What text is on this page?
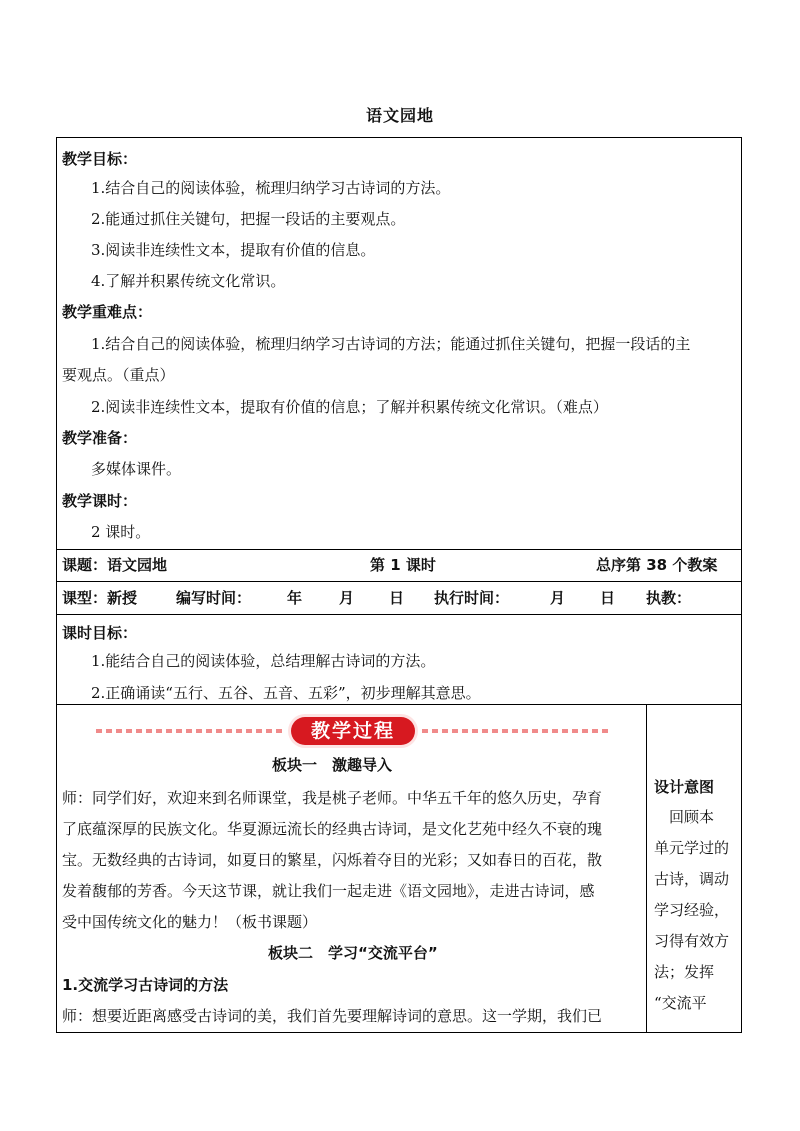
语文园地
教学目标：
1.结合自己的阅读体验，梳理归纳学习古诗词的方法。
2.能通过抓住关键句，把握一段话的主要观点。
3.阅读非连续性文本，提取有价值的信息。
4.了解并积累传统文化常识。
教学重难点：
1.结合自己的阅读体验，梳理归纳学习古诗词的方法；能通过抓住关键句，把握一段话的主
要观点。（重点）
2.阅读非连续性文本，提取有价值的信息；了解并积累传统文化常识。（难点）
教学准备：
多媒体课件。
教学课时：
2 课时。
课题：语文园地	第 1 课时	总序第 38 个教案
课型：新授	编写时间： 年 月 日 执行时间：	月 日 执教：
课时目标：
1.能结合自己的阅读体验，总结理解古诗词的方法。
2.正确诵读“五行、五谷、五音、五彩”，初步理解其意思。
教学过程
板块一　激趣导入
师：同学们好，欢迎来到名师课堂，我是桃子老师。中华五千年的悠久历史，孕育
了底蕴深厚的民族文化。华夏源远流长的经典古诗词，是文化艺苑中经久不衰的瑰
宝。无数经典的古诗词，如夏日的繁星，闪烁着夺目的光彩；又如春日的百花，散
发着馥郁的芳香。今天这节课，就让我们一起走进《语文园地》，走进古诗词，感
受中国传统文化的魅力！（板书课题）
板块二　学习“交流平台”
1.交流学习古诗词的方法
师：想要近距离感受古诗词的美，我们首先要理解诗词的意思。这一学期，我们已
设计意图
　回顾本
单元学过的
古诗，调动
学习经验，
习得有效方
法；发挥
“交流平
